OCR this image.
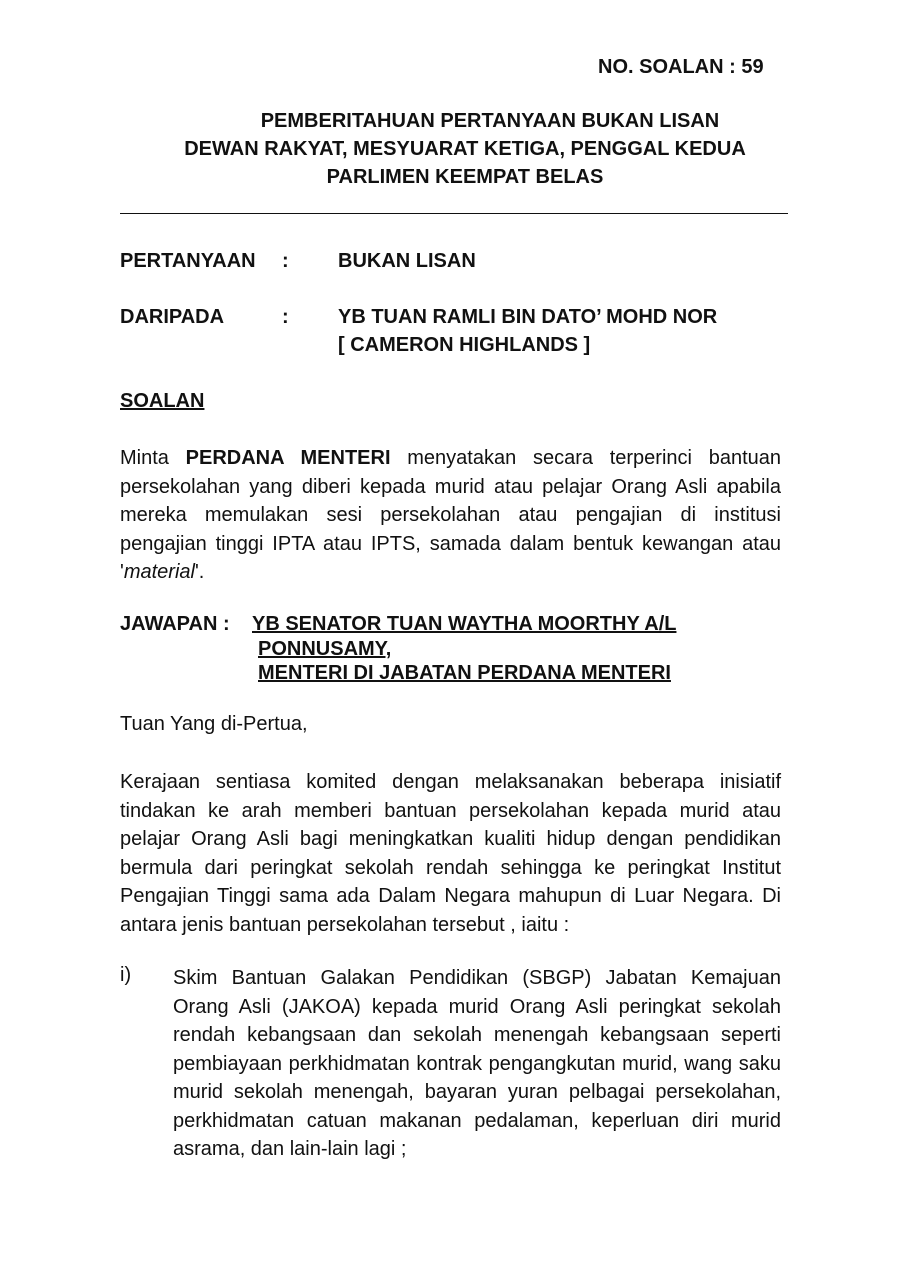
NO. SOALAN : 59
PEMBERITAHUAN PERTANYAAN BUKAN LISAN
DEWAN RAKYAT, MESYUARAT KETIGA, PENGGAL KEDUA
PARLIMEN KEEMPAT BELAS
PERTANYAAN : BUKAN LISAN
DARIPADA	: YB TUAN RAMLI BIN DATO’ MOHD NOR
[ CAMERON HIGHLANDS ]
SOALAN
Minta PERDANA MENTERI menyatakan secara terperinci bantuan persekolahan yang diberi kepada murid atau pelajar Orang Asli apabila mereka memulakan sesi persekolahan atau pengajian di institusi pengajian tinggi IPTA atau IPTS, samada dalam bentuk kewangan atau 'material'.
JAWAPAN : YB SENATOR TUAN WAYTHA MOORTHY A/L
PONNUSAMY,
MENTERI DI JABATAN PERDANA MENTERI
Tuan Yang di-Pertua,
Kerajaan sentiasa komited dengan melaksanakan beberapa inisiatif tindakan ke arah memberi bantuan persekolahan kepada murid atau pelajar Orang Asli bagi meningkatkan kualiti hidup dengan pendidikan bermula dari peringkat sekolah rendah sehingga ke peringkat Institut Pengajian Tinggi sama ada Dalam Negara mahupun di Luar Negara. Di antara jenis bantuan persekolahan tersebut , iaitu :
i) Skim Bantuan Galakan Pendidikan (SBGP) Jabatan Kemajuan Orang Asli (JAKOA) kepada murid Orang Asli peringkat sekolah rendah kebangsaan dan sekolah menengah kebangsaan seperti pembiayaan perkhidmatan kontrak pengangkutan murid, wang saku murid sekolah menengah, bayaran yuran pelbagai persekolahan, perkhidmatan catuan makanan pedalaman, keperluan diri murid asrama, dan lain-lain lagi ;
